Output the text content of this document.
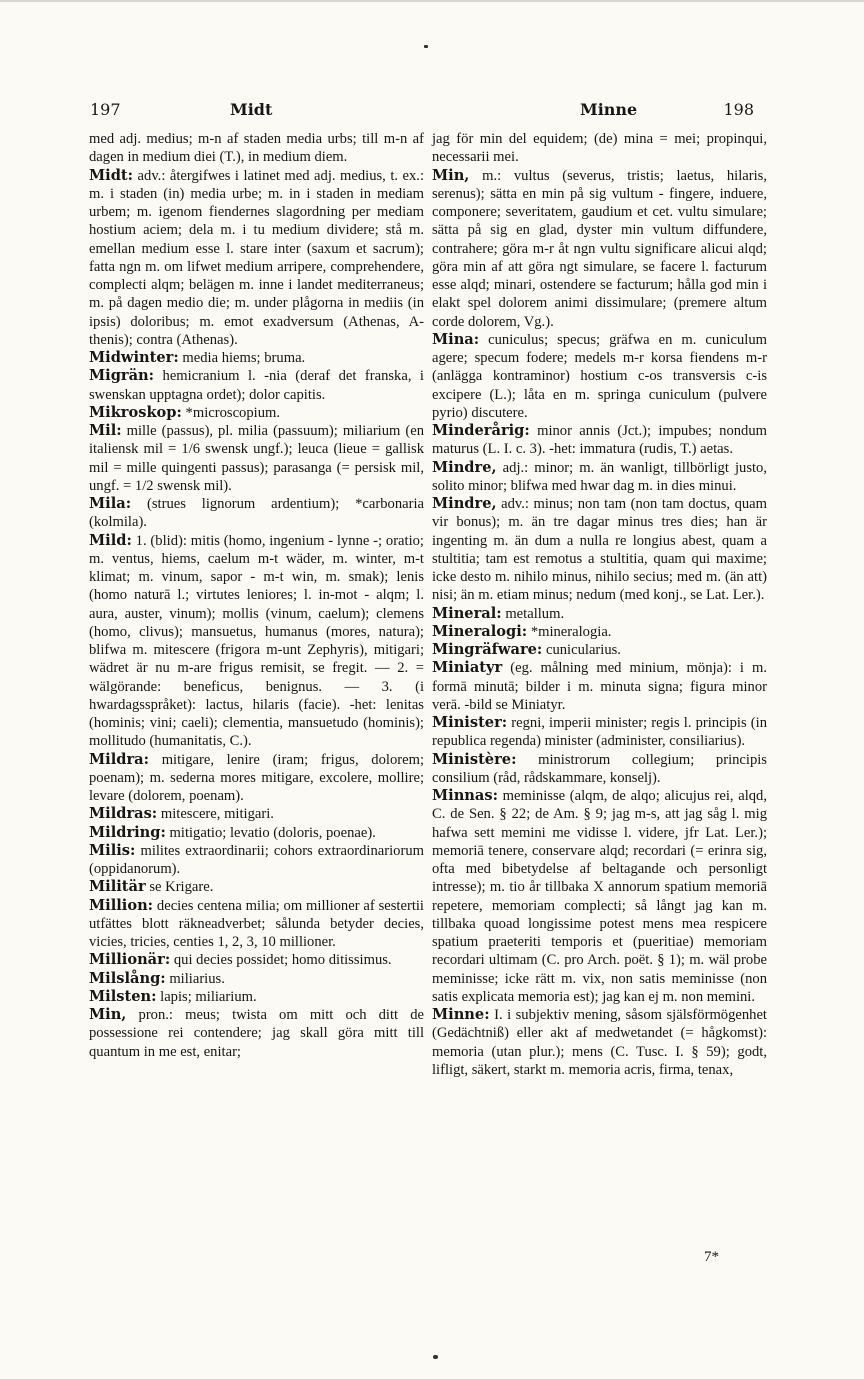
197	Midt	Minne	198

med adj. medius; m-n af staden media urbs; till m-n af dagen in medium diei (T.), in medium diem.

Midt: adv.: återgifwes i latinet med adj. medius, t. ex.: m. i staden (in) media urbe; m. in i staden in mediam urbem; m. igenom fiendernes slagordning per mediam hostium aciem; dela m. i tu medium dividere; stå m. emellan medium esse l. stare inter (saxum et sacrum); fatta ngn m. om lifwet medium arripere, comprehendere, complecti alqm; belägen m. inne i landet mediterraneus; m. på dagen medio die; m. under plågorna in mediis (in ipsis) doloribus; m. emot exadversum (Athenas, A-thenis); contra (Athenas).

Midwinter: media hiems; bruma.

Migrän: hemicranium l. -nia (deraf det franska, i swenskan upptagna ordet); dolor capitis.

Mikroskop: *microscopium.

Mil: mille (passus), pl. milia (passuum); miliarium (en italiensk mil = 1/6 swensk ungf.); leuca (lieue = gallisk mil = mille quingenti passus); parasanga (= persisk mil, ungf. = 1/2 swensk mil).

Mila: (strues lignorum ardentium); *carbonaria (kolmila).

Mild: 1. (blid): mitis (homo, ingenium - lynne -; oratio; m. ventus, hiems, caelum m-t wäder, m. winter, m-t klimat; m. vinum, sapor - m-t win, m. smak); lenis (homo naturā l.; virtutes leniores; l. in-mot - alqm; l. aura, auster, vinum); mollis (vinum, caelum); clemens (homo, clivus); mansuetus, humanus (mores, natura); blifwa m. mitescere (frigora m-unt Zephyris), mitigari; wädret är nu m-are frigus remisit, se fregit. — 2. = wälgörande: beneficus, benignus. — 3. (i hwardagsspråket): lactus, hilaris (facie). -het: lenitas (hominis; vini; caeli); clementia, mansuetudo (hominis); mollitudo (humanitatis, C.).

Mildra: mitigare, lenire (iram; frigus, dolorem; poenam); m. sederna mores mitigare, excolere, mollire; levare (dolorem, poenam).

Mildras: mitescere, mitigari.

Mildring: mitigatio; levatio (doloris, poenae).

Milis: milites extraordinarii; cohors extraordinariorum (oppidanorum).

Militär se Krigare.

Million: decies centena milia; om millioner af sestertii utfättes blott räkneadverbet; sålunda betyder decies, vicies, tricies, centies 1, 2, 3, 10 millioner.

Millionär: qui decies possidet; homo ditissimus.

Milslång: miliarius.

Milsten: lapis; miliarium.

Min, pron.: meus; twista om mitt och ditt de possessione rei contendere; jag skall göra mitt till quantum in me est, enitar;

jag för min del equidem; (de) mina = mei; propinqui, necessarii mei.

Min, m.: vultus (severus, tristis; laetus, hilaris, serenus); sätta en min på sig vultum - fingere, induere, componere; severitatem, gaudium et cet. vultu simulare; sätta på sig en glad, dyster min vultum diffundere, contrahere; göra m-r åt ngn vultu significare alicui alqd; göra min af att göra ngt simulare, se facere l. facturum esse alqd; minari, ostendere se facturum; hålla god min i elakt spel dolorem animi dissimulare; (premere altum corde dolorem, Vg.).

Mina: cuniculus; specus; gräfwa en m. cuniculum agere; specum fodere; medels m-r korsa fiendens m-r (anlägga kontraminor) hostium c-os transversis c-is excipere (L.); låta en m. springa cuniculum (pulvere pyrio) discutere.

Minderårig: minor annis (Jct.); impubes; nondum maturus (L. I. c. 3). -het: immatura (rudis, T.) aetas.

Mindre, adj.: minor; m. än wanligt, tillbörligt justo, solito minor; blifwa med hwar dag m. in dies minui.

Mindre, adv.: minus; non tam (non tam doctus, quam vir bonus); m. än tre dagar minus tres dies; han är ingenting m. än dum a nulla re longius abest, quam a stultitia; tam est remotus a stultitia, quam qui maxime; icke desto m. nihilo minus, nihilo secius; med m. (än att) nisi; än m. etiam minus; nedum (med konj., se Lat. Ler.).

Mineral: metallum.

Mineralogi: *mineralogia.

Mingräfware: cunicularius.

Miniatyr (eg. målning med minium, mönja): i m. formā minutā; bilder i m. minuta signa; figura minor verā. -bild se Miniatyr.

Minister: regni, imperii minister; regis l. principis (in republica regenda) minister (administer, consiliarius).

Ministère: ministrorum collegium; principis consilium (råd, rådskammare, konselj).

Minnas: meminisse (alqm, de alqo; alicujus rei, alqd, C. de Sen. § 22; de Am. § 9; jag m-s, att jag såg l. mig hafwa sett memini me vidisse l. videre, jfr Lat. Ler.); memoriā tenere, conservare alqd; recordari (= erinra sig, ofta med bibetydelse af beltagande och personligt intresse); m. tio år tillbaka X annorum spatium memoriā repetere, memoriam complecti; så långt jag kan m. tillbaka quoad longissime potest mens mea respicere spatium praeteriti temporis et (pueritiae) memoriam recordari ultimam (C. pro Arch. poët. § 1); m. wäl probe meminisse; icke rätt m. vix, non satis meminisse (non satis explicata memoria est); jag kan ej m. non memini.

Minne: I. i subjektiv mening, såsom själsförmögenhet (Gedächtniß) eller akt af medwetandet (= hågkomst): memoria (utan plur.); mens (C. Tusc. I. § 59); godt, lifligt, säkert, starkt m. memoria acris, firma, tenax,

7*
